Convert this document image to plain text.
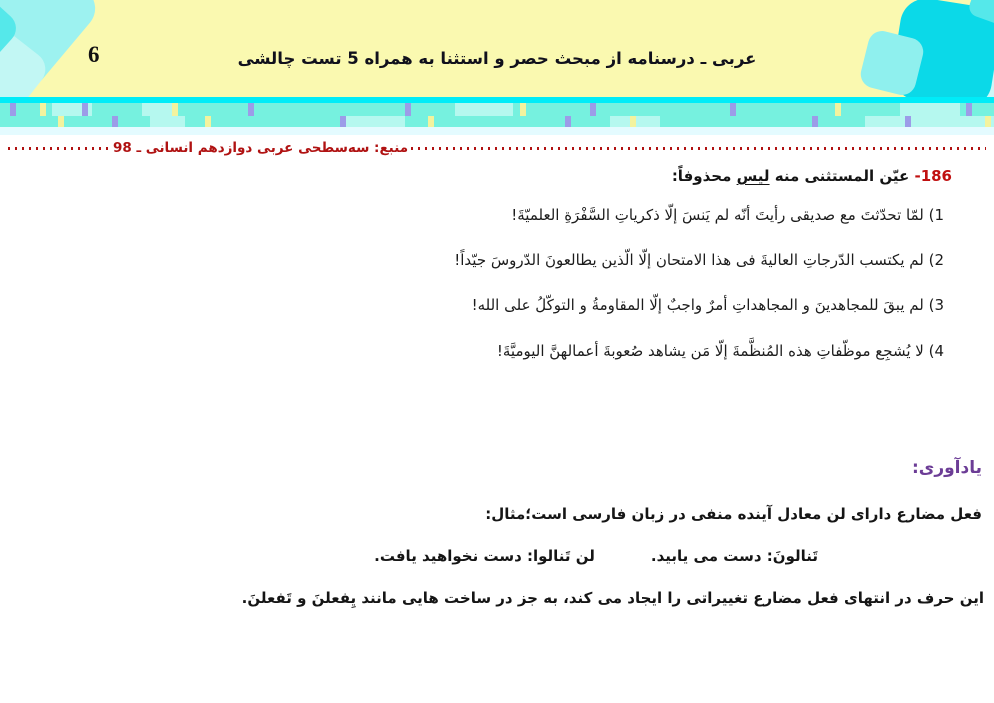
6	عربی ـ درسنامه از مبحث حصر و استثنا به همراه 5 تست چالشی
منبع: سه‌سطحی عربی دوازدهم انسانی ـ 98
186- عيّن المستثنی منه ليس محذوفاً:
1) لمّا تحدّثتَ مع صديقی رأيتَ أنّه لم يَنسَ إلّا ذكرياتِ السَّفْرَةِ العلميّةَ!
2) لم يكتسب الدّرجاتِ العاليةَ فی هذا الامتحان إلّا الّذين يطالعونَ الدّروسَ جيّداً!
3) لم يبقَ للمجاهدينَ و المجاهداتِ أمرٌ واجبٌ إلّا المقاومةُ و التوكّلُ علی الله!
4) لا يُشجِع موظّفاتِ هذه المُنظَّمةَ إلّا مَن يشاهد صُعوبةَ أعمالهنَّ اليوميَّةَ!
یادآوری:
فعل مضارع دارای لن معادل آینده منفی در زبان فارسی است؛مثال:
تَنالونَ: دست می یابید.لن تَنالوا: دست نخواهید یافت.
این حرف در انتهای فعل مضارع تغییراتی را ایجاد می کند، به جز در ساخت هایی مانند یِفعلنَ و تَفعلنَ.
